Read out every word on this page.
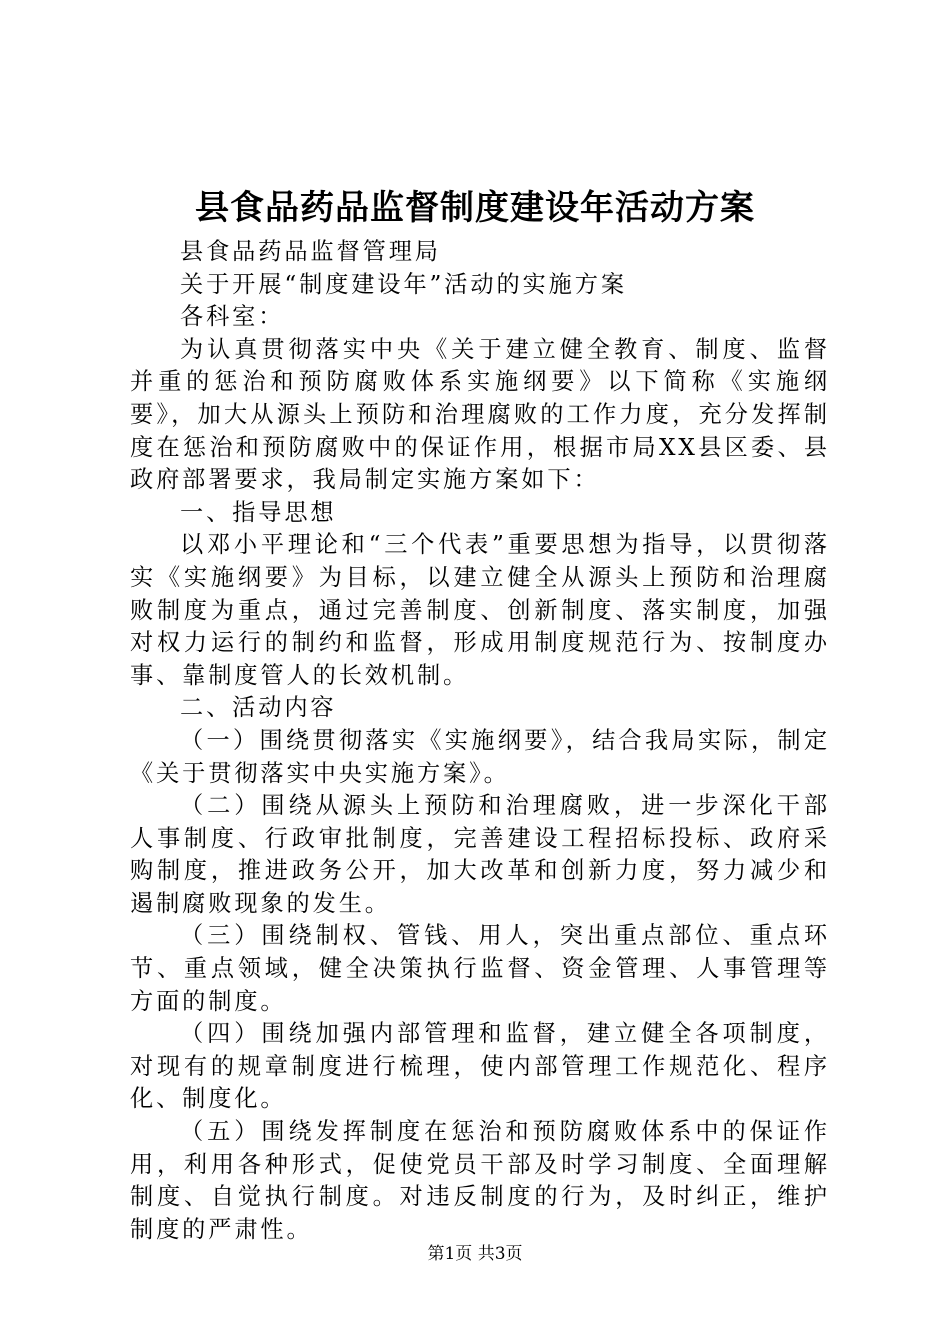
县食品药品监督制度建设年活动方案

县食品药品监督管理局

关于开展“制度建设年”活动的实施方案

各科室：

为认真贯彻落实中央《关于建立健全教育、制度、监督并重的惩治和预防腐败体系实施纲要》以下简称《实施纲要》，加大从源头上预防和治理腐败的工作力度，充分发挥制度在惩治和预防腐败中的保证作用，根据市局XX县区委、县政府部署要求，我局制定实施方案如下：

一、指导思想

以邓小平理论和“三个代表”重要思想为指导，以贯彻落实《实施纲要》为目标，以建立健全从源头上预防和治理腐败制度为重点，通过完善制度、创新制度、落实制度，加强对权力运行的制约和监督，形成用制度规范行为、按制度办事、靠制度管人的长效机制。

二、活动内容

（一）围绕贯彻落实《实施纲要》，结合我局实际，制定《关于贯彻落实中央实施方案》。

（二）围绕从源头上预防和治理腐败，进一步深化干部人事制度、行政审批制度，完善建设工程招标投标、政府采购制度，推进政务公开，加大改革和创新力度，努力减少和遏制腐败现象的发生。

（三）围绕制权、管钱、用人，突出重点部位、重点环节、重点领域，健全决策执行监督、资金管理、人事管理等方面的制度。

（四）围绕加强内部管理和监督，建立健全各项制度，对现有的规章制度进行梳理，使内部管理工作规范化、程序化、制度化。

（五）围绕发挥制度在惩治和预防腐败体系中的保证作用，利用各种形式，促使党员干部及时学习制度、全面理解制度、自觉执行制度。对违反制度的行为，及时纠正，维护制度的严肃性。

第1页 共3页
